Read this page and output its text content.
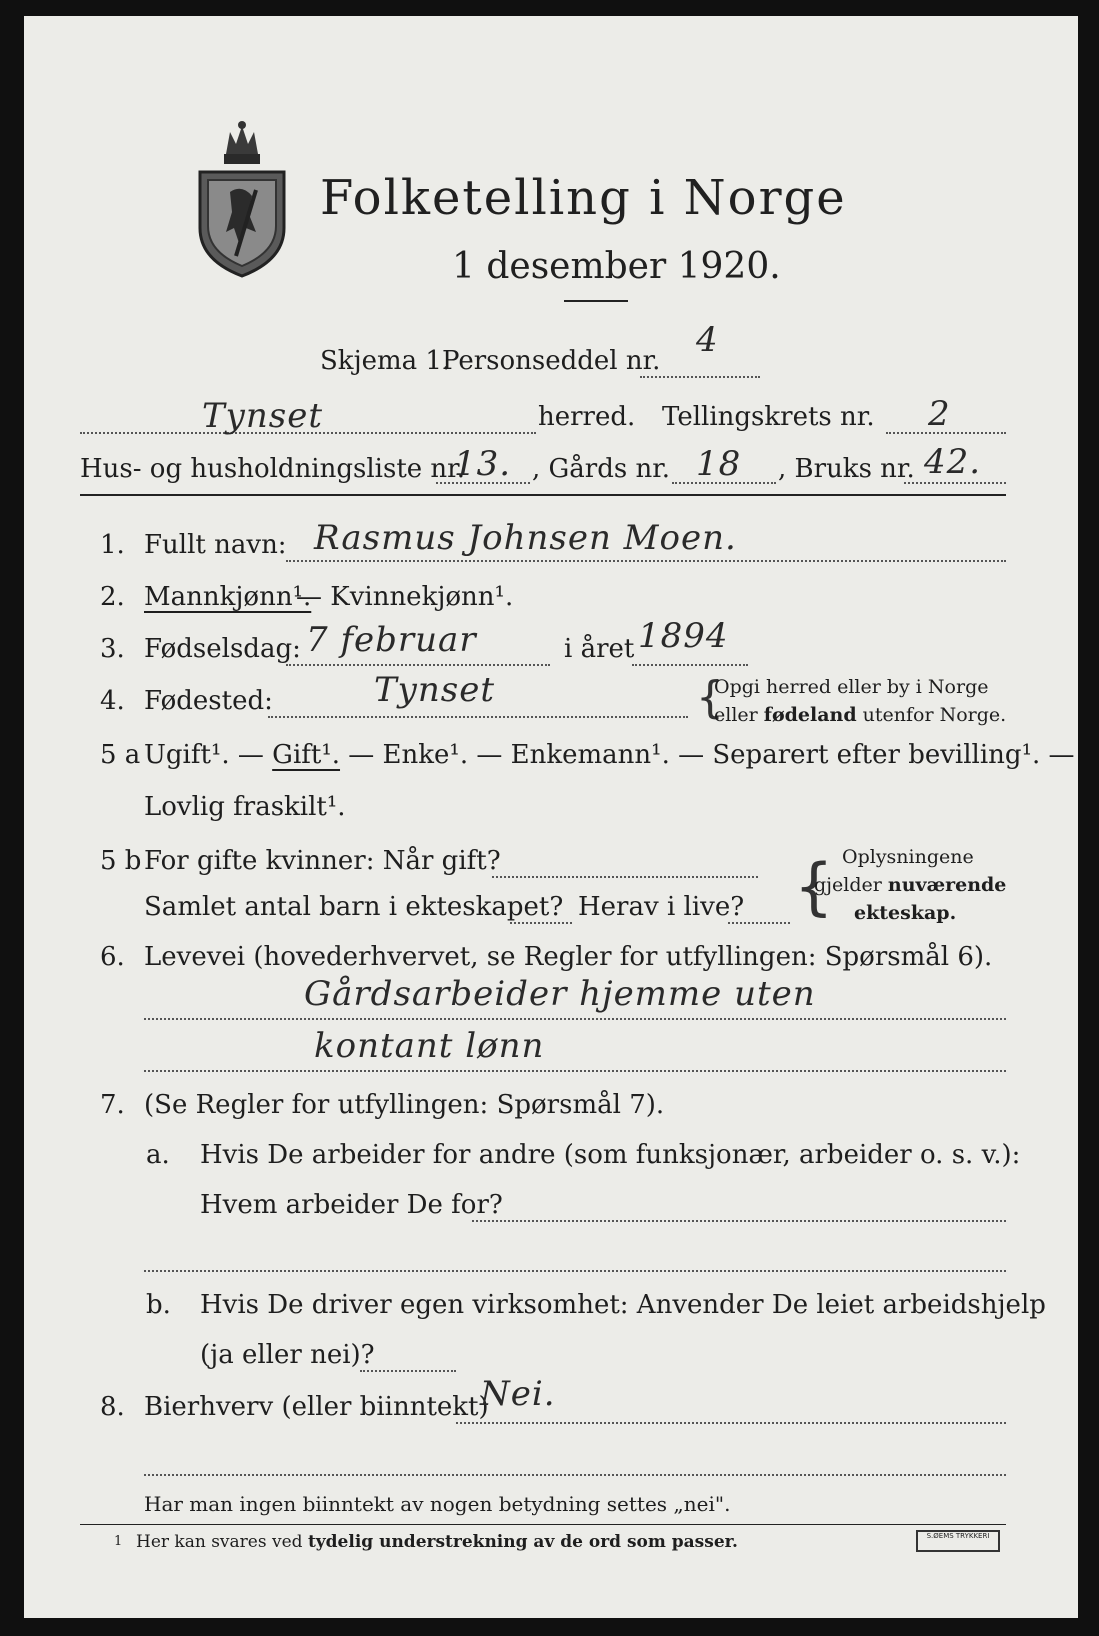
Folketelling i Norge
1 desember 1920.
Skjema 1.
Personseddel nr.
4
Tynset	herred. Tellingskrets nr. 2
Hus- og husholdningsliste nr.
13. , Gårds nr. 18 , Bruks nr. 42.
1. Fullt navn: Rasmus Johnsen Moen.
2. Mannkjønn¹.
— Kvinnekjønn¹.
3. Fødselsdag: 7 februar	i året 1894
4. Fødested:	Tynset	{
Opgi herred eller by i Norge
eller fødeland utenfor Norge.
5 a Ugift¹. — Gift¹. — Enke¹. — Enkemann¹. — Separert efter bevilling¹. —
Lovlig fraskilt¹.
5 b For gifte kvinner: Når gift?
Samlet antal barn i ekteskapet? Herav i live? { Oplysningene
gjelder nuværende
ekteskap.
6. Levevei (hovederhvervet, se Regler for utfyllingen: Spørsmål 6).
Gårdsarbeider hjemme uten
kontant lønn
7. (Se Regler for utfyllingen: Spørsmål 7).
a. Hvis De arbeider for andre (som funksjonær, arbeider o. s. v.):
Hvem arbeider De for?
b. Hvis De driver egen virksomhet: Anvender De leiet arbeidshjelp
(ja eller nei)?
8. Bierhverv (eller biinntekt)
Nei.
Har man ingen biinntekt av nogen betydning settes „nei".
1 Her kan svares ved tydelig understrekning av de ord som passer.	S.ØEMS TRYKKERI
